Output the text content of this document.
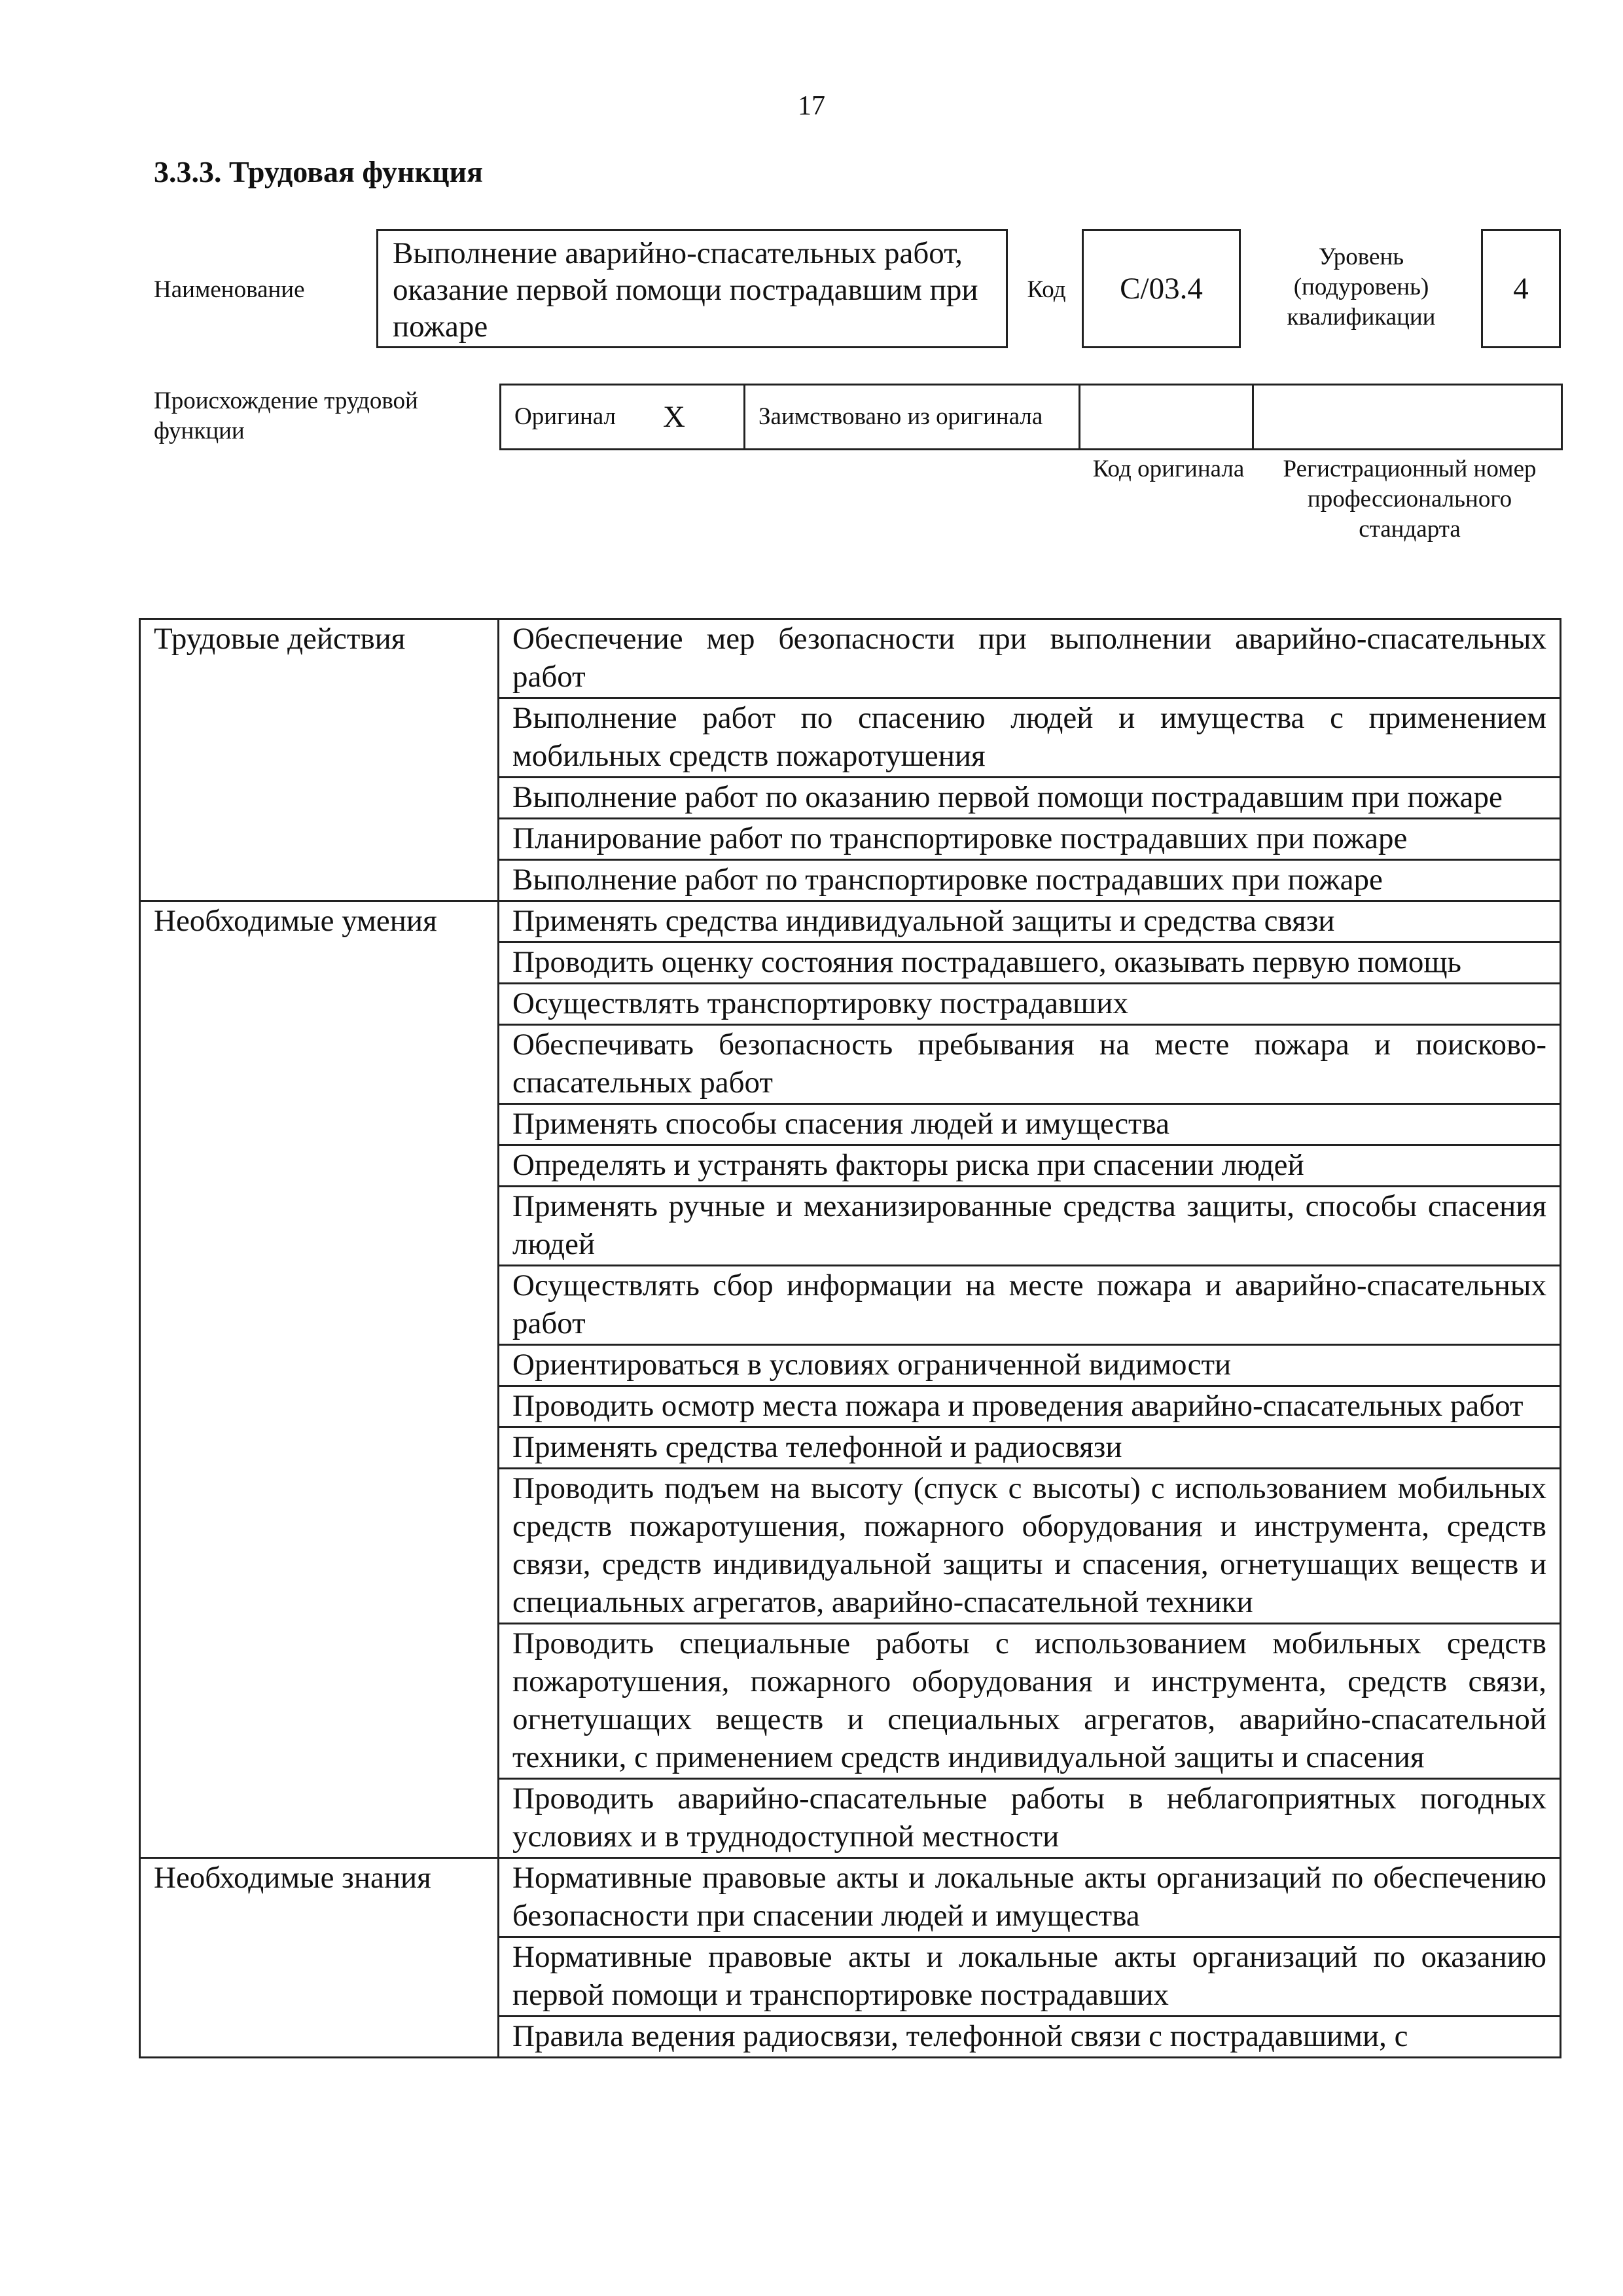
17
3.3.3. Трудовая функция
Наименование
Выполнение аварийно-спасательных работ, оказание первой помощи пострадавшим при пожаре
Код	С/03.4
Уровень (подуровень) квалификации
4
Происхождение трудовой функции
Оригинал X	Заимствовано из оригинала

Код оригинала	Регистрационный номер профессионального стандарта
Трудовые действия	Обеспечение мер безопасности при выполнении аварийно-спасательных работ
	Выполнение работ по спасению людей и имущества с применением мобильных средств пожаротушения
	Выполнение работ по оказанию первой помощи пострадавшим при пожаре
	Планирование работ по транспортировке пострадавших при пожаре
	Выполнение работ по транспортировке пострадавших при пожаре
Необходимые умения	Применять средства индивидуальной защиты и средства связи
	Проводить оценку состояния пострадавшего, оказывать первую помощь
	Осуществлять транспортировку пострадавших
	Обеспечивать безопасность пребывания на месте пожара и поисково-спасательных работ
	Применять способы спасения людей и имущества
	Определять и устранять факторы риска при спасении людей
	Применять ручные и механизированные средства защиты, способы спасения людей
	Осуществлять сбор информации на месте пожара и аварийно-спасательных работ
	Ориентироваться в условиях ограниченной видимости
	Проводить осмотр места пожара и проведения аварийно-спасательных работ
	Применять средства телефонной и радиосвязи
	Проводить подъем на высоту (спуск с высоты) с использованием мобильных средств пожаротушения, пожарного оборудования и инструмента, средств связи, средств индивидуальной защиты и спасения, огнетушащих веществ и специальных агрегатов, аварийно-спасательной техники
	Проводить специальные работы с использованием мобильных средств пожаротушения, пожарного оборудования и инструмента, средств связи, огнетушащих веществ и специальных агрегатов, аварийно-спасательной техники, с применением средств индивидуальной защиты и спасения
	Проводить аварийно-спасательные работы в неблагоприятных погодных условиях и в труднодоступной местности
Необходимые знания	Нормативные правовые акты и локальные акты организаций по обеспечению безопасности при спасении людей и имущества
	Нормативные правовые акты и локальные акты организаций по оказанию первой помощи и транспортировке пострадавших
	Правила ведения радиосвязи, телефонной связи с пострадавшими, с
